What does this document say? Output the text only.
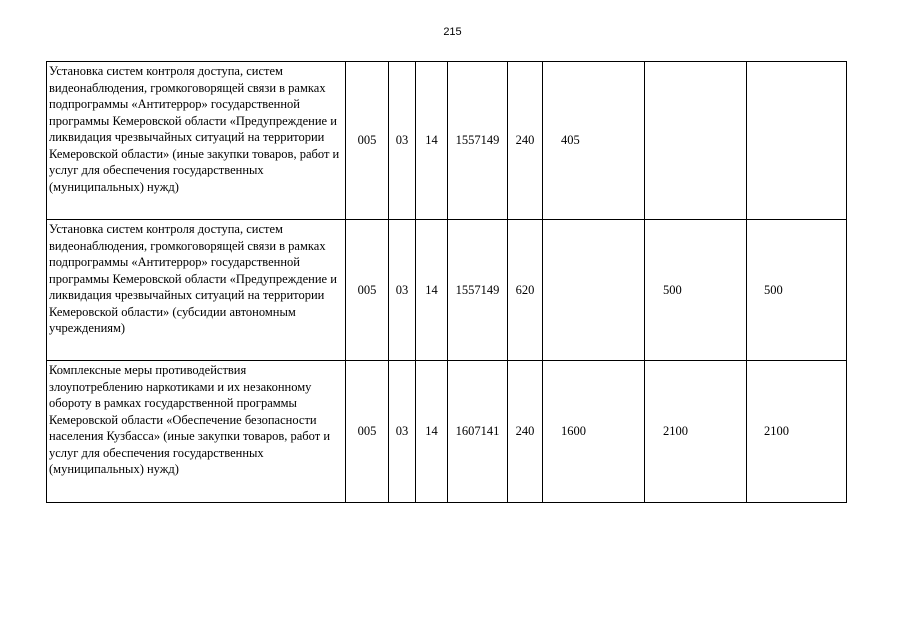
215
Установка систем контроля доступа, систем видеонаблюдения, громкоговорящей связи в рамках подпрограммы «Антитеррор» государственной программы Кемеровской области «Предупреждение и ликвидация чрезвычайных ситуаций на территории Кемеровской области» (иные закупки товаров, работ и услуг для обеспечения государственных (муниципальных) нужд)	005	03	14	1557149	240	405		
Установка систем контроля доступа, систем видеонаблюдения, громкоговорящей связи в рамках подпрограммы «Антитеррор» государственной программы Кемеровской области «Предупреждение и ликвидация чрезвычайных ситуаций на территории Кемеровской области» (субсидии автономным учреждениям)	005	03	14	1557149	620		500	500
Комплексные меры противодействия злоупотреблению наркотиками и их незаконному обороту в рамках государственной программы Кемеровской области «Обеспечение безопасности населения Кузбасса» (иные закупки товаров, работ и услуг для обеспечения государственных (муниципальных) нужд)	005	03	14	1607141	240	1600	2100	2100
